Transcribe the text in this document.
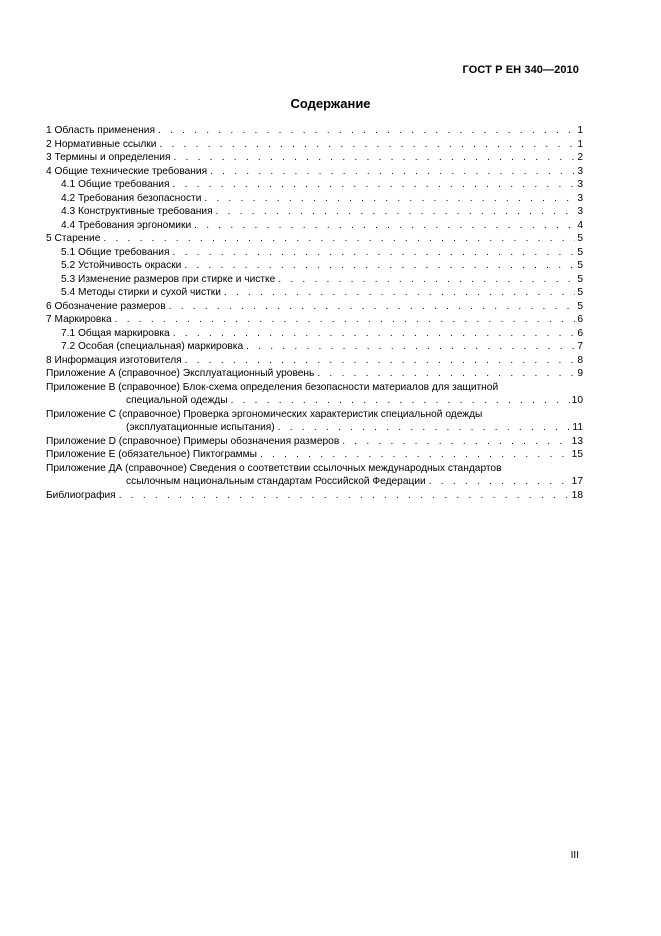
ГОСТ Р ЕН 340—2010
Содержание
1 Область применения . . .	1
2 Нормативные ссылки . . .	1
3 Термины и определения . . .	2
4 Общие технические требования . . .	3
4.1 Общие требования . . .	3
4.2 Требования безопасности . . .	3
4.3 Конструктивные требования . . .	3
4.4 Требования эргономики . . .	4
5 Старение . . .	5
5.1 Общие требования . . .	5
5.2 Устойчивость окраски . . .	5
5.3 Изменение размеров при стирке и чистке . . .	5
5.4 Методы стирки и сухой чистки . . .	5
6 Обозначение размеров . . .	5
7 Маркировка . . .	6
7.1 Общая маркировка . . .	6
7.2 Особая (специальная) маркировка . . .	7
8 Информация изготовителя . . .	8
Приложение А (справочное) Эксплуатационный уровень . . .	9
Приложение В (справочное) Блок-схема определения безопасности материалов для защитной
специальной одежды . . .	10
Приложение С (справочное) Проверка эргономических характеристик специальной одежды
(эксплуатационные испытания) . . .	11
Приложение D (справочное) Примеры обозначения размеров . . .	13
Приложение Е (обязательное) Пиктограммы . . .	15
Приложение ДА (справочное) Сведения о соответствии ссылочных международных стандартов
ссылочным национальным стандартам Российской Федерации . . .	17
Библиография . . .	18
III
